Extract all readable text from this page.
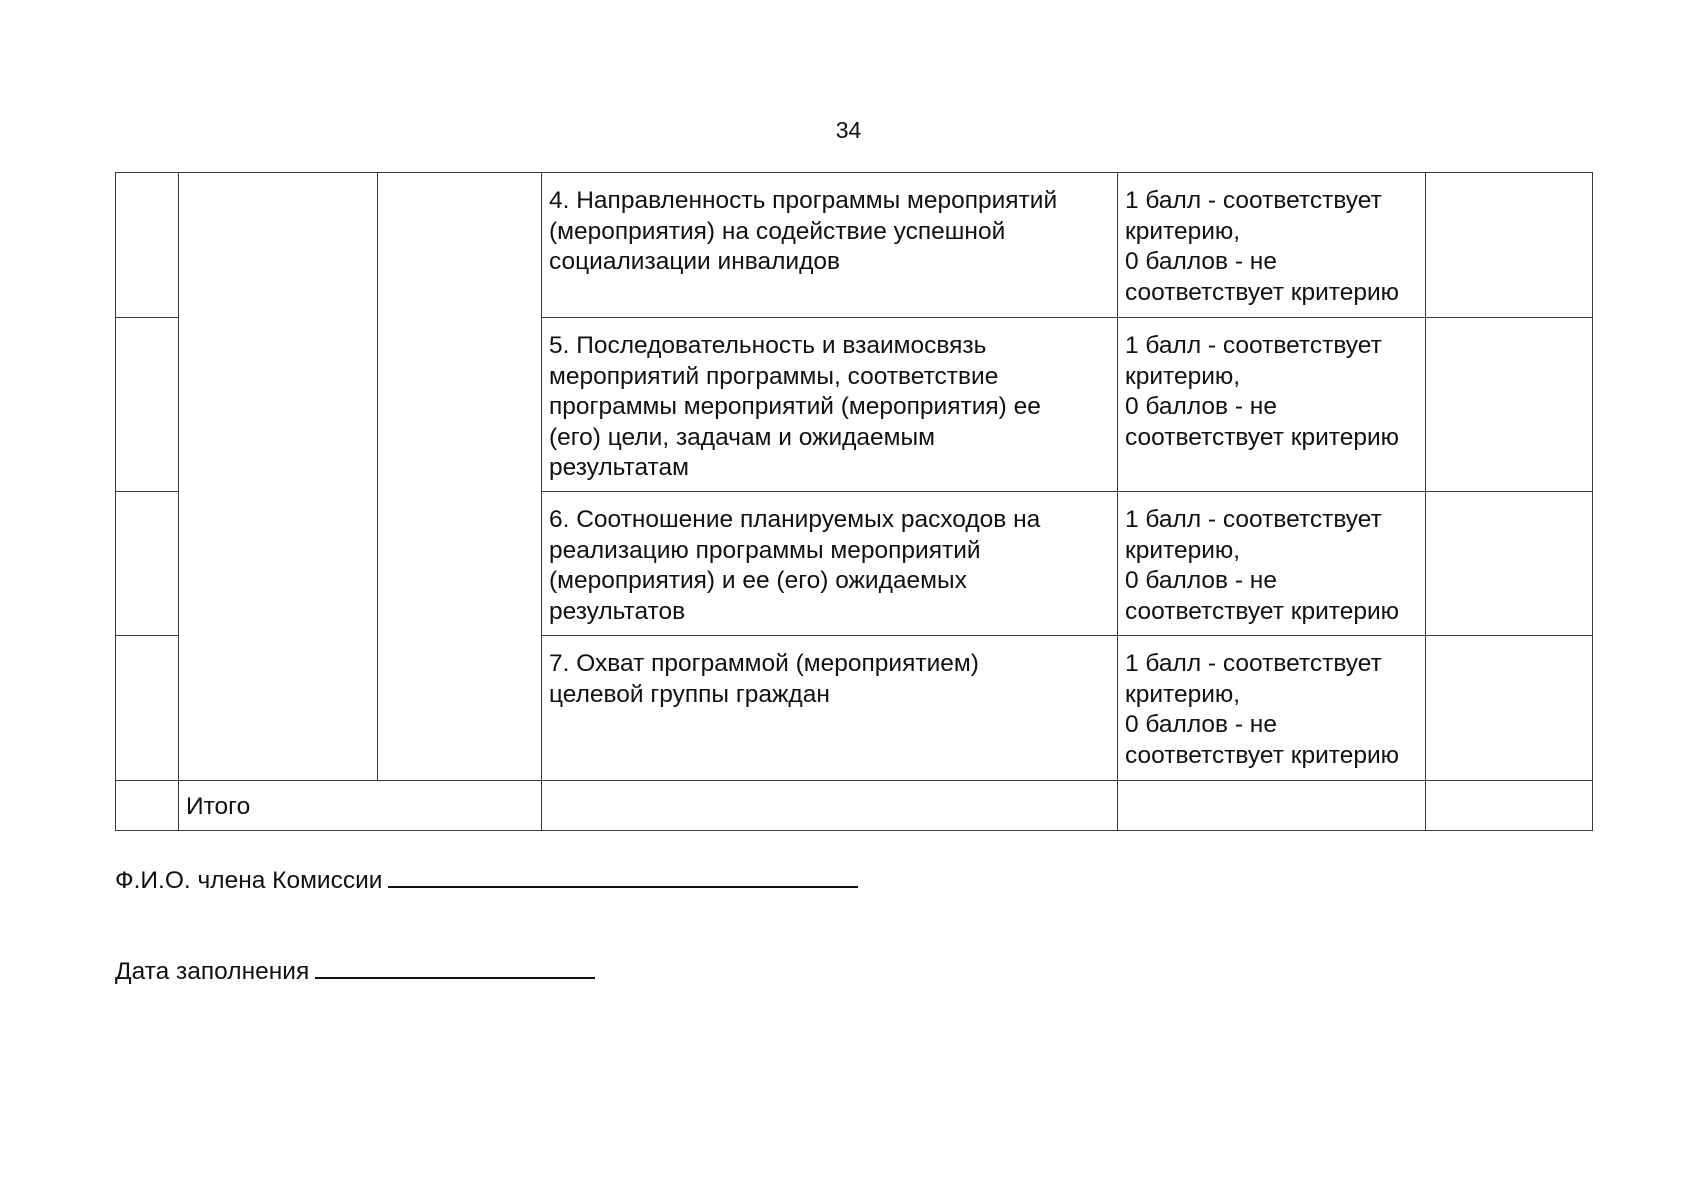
34
			4. Направленность программы мероприятий
(мероприятия) на содействие успешной
социализации инвалидов	1 балл - соответствует
критерию,
0 баллов - не
соответствует критерию	
			5. Последовательность и взаимосвязь
мероприятий программы, соответствие
программы мероприятий (мероприятия) ее
(его) цели, задачам и ожидаемым
результатам	1 балл - соответствует
критерию,
0 баллов - не
соответствует критерию	
			6. Соотношение планируемых расходов на
реализацию программы мероприятий
(мероприятия) и ее (его) ожидаемых
результатов	1 балл - соответствует
критерию,
0 баллов - не
соответствует критерию	
			7. Охват программой (мероприятием)
целевой группы граждан	1 балл - соответствует
критерию,
0 баллов - не
соответствует критерию	
	Итого				
Ф.И.О. члена Комиссии
Дата заполнения
